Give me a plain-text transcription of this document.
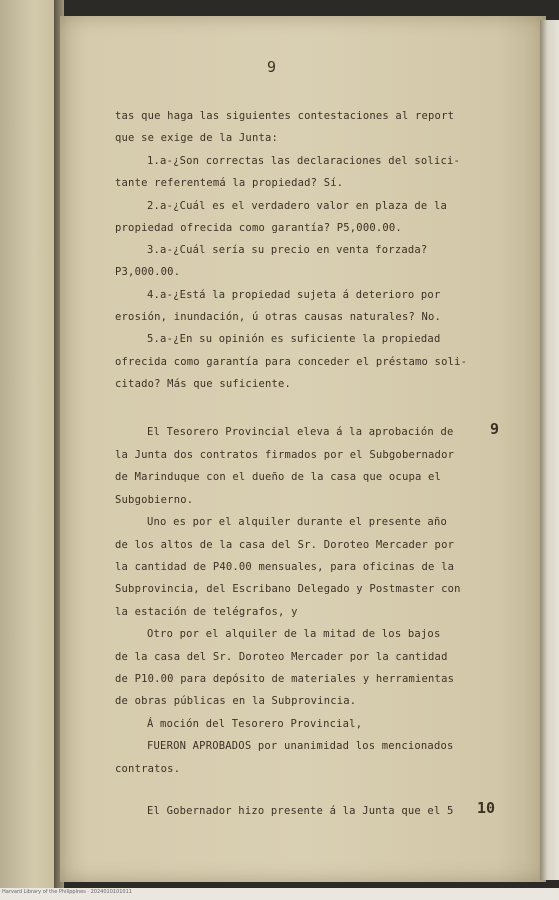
9
tas que haga las siguientes contestaciones al report
que se exige de la Junta:
1.a-¿Son correctas las declaraciones del solici-
tante referentemá la propiedad? Sí.
2.a-¿Cuál es el verdadero valor en plaza de la
propiedad ofrecida como garantía? P5,000.00.
3.a-¿Cuál sería su precio en venta forzada?
P3,000.00.
4.a-¿Está la propiedad sujeta á deterioro por
erosión, inundación, ú otras causas naturales? No.
5.a-¿En su opinión es suficiente la propiedad
ofrecida como garantía para conceder el préstamo soli-
citado? Más que suficiente.
El Tesorero Provincial eleva á la aprobación de 9
la Junta dos contratos firmados por el Subgobernador
de Marinduque con el dueño de la casa que ocupa el
Subgobierno.
Uno es por el alquiler durante el presente año
de los altos de la casa del Sr. Doroteo Mercader por
la cantidad de P40.00 mensuales, para oficinas de la
Subprovincia, del Escribano Delegado y Postmaster con
la estación de telégrafos, y
Otro por el alquiler de la mitad de los bajos
de la casa del Sr. Doroteo Mercader por la cantidad
de P10.00 para depósito de materiales y herramientas
de obras públicas en la Subprovincia.
Á moción del Tesorero Provincial,
FUERON APROBADOS por unanimidad los mencionados
contratos.
El Gobernador hizo presente á la Junta que el 5 10
Harvard Library of the Philippines · 2024010101011
